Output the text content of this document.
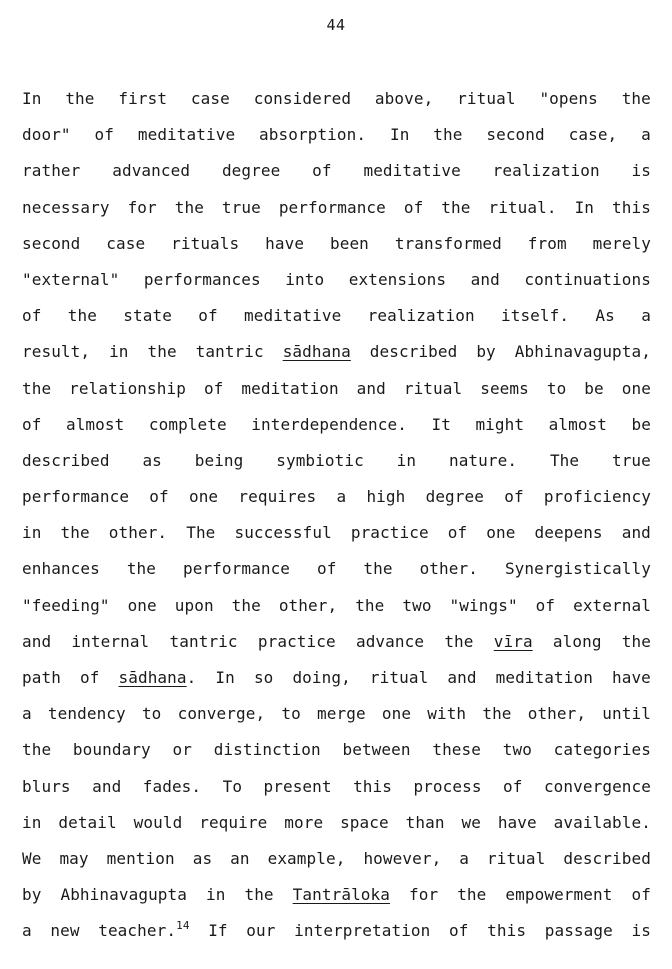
44
In the first case considered above, ritual "opens the
door" of meditative absorption. In the second case, a
rather advanced degree of meditative realization is
necessary for the true performance of the ritual. In this
second case rituals have been transformed from merely
"external" performances into extensions and continuations
of the state of meditative realization itself. As a
result, in the tantric sādhana described by Abhinavagupta,
the relationship of meditation and ritual seems to be one
of almost complete interdependence. It might almost be
described as being symbiotic in nature. The true
performance of one requires a high degree of proficiency
in the other. The successful practice of one deepens and
enhances the performance of the other. Synergistically
"feeding" one upon the other, the two "wings" of external
and internal tantric practice advance the vīra along the
path of sādhana. In so doing, ritual and meditation have
a tendency to converge, to merge one with the other, until
the boundary or distinction between these two categories
blurs and fades. To present this process of convergence
in detail would require more space than we have available.
We may mention as an example, however, a ritual described
by Abhinavagupta in the Tantrāloka for the empowerment of
a new teacher.$^{14}$ If our interpretation of this passage is
